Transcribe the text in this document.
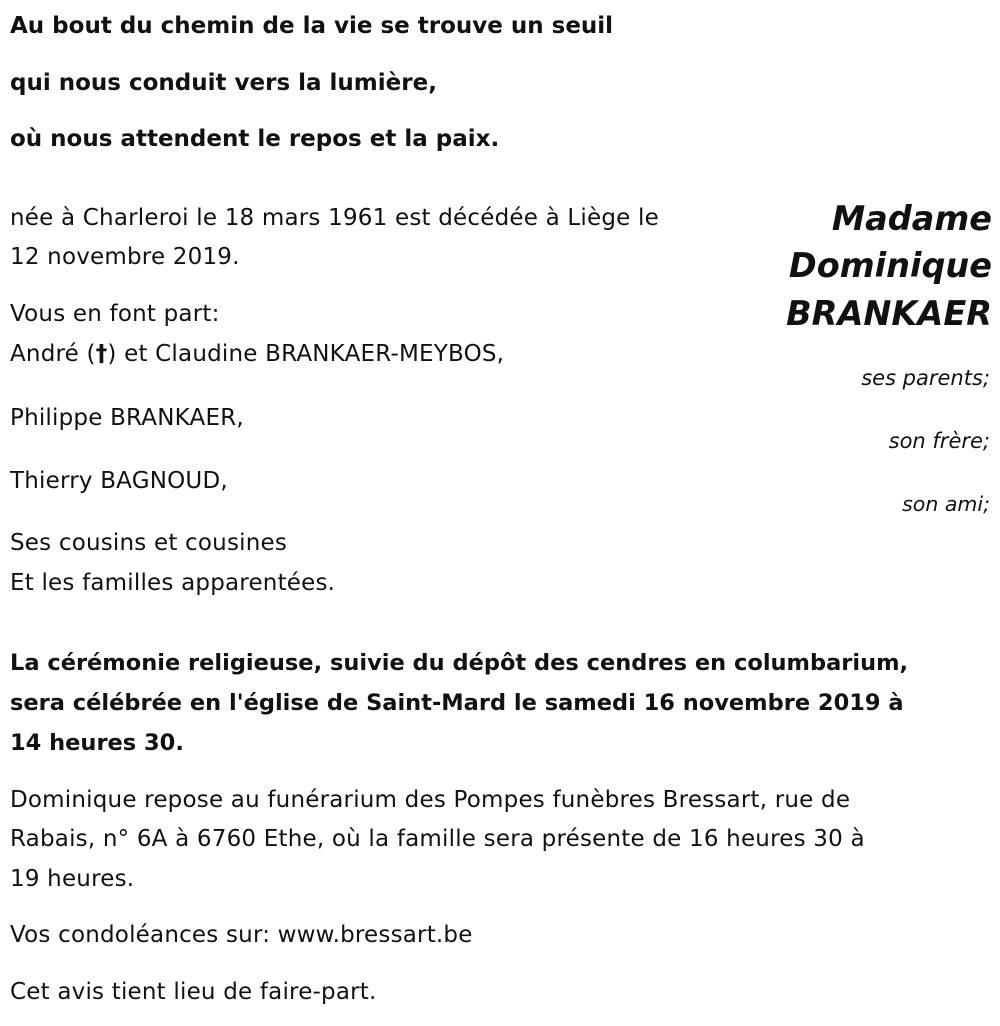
Au bout du chemin de la vie se trouve un seuil

qui nous conduit vers la lumière,

où nous attendent le repos et la paix.

Madame

Dominique

BRANKAER

née à Charleroi le 18 mars 1961 est décédée à Liège le

12 novembre 2019.

Vous en font part:

André (†) et Claudine BRANKAER-MEYBOS,

ses parents;

Philippe BRANKAER,

son frère;

Thierry BAGNOUD,

son ami;

Ses cousins et cousines

Et les familles apparentées.

La cérémonie religieuse, suivie du dépôt des cendres en columbarium,

sera célébrée en l'église de Saint-Mard le samedi 16 novembre 2019 à

14 heures 30.

Dominique repose au funérarium des Pompes funèbres Bressart, rue de

Rabais, n° 6A à 6760 Ethe, où la famille sera présente de 16 heures 30 à

19 heures.

Vos condoléances sur: www.bressart.be

Cet avis tient lieu de faire-part.
